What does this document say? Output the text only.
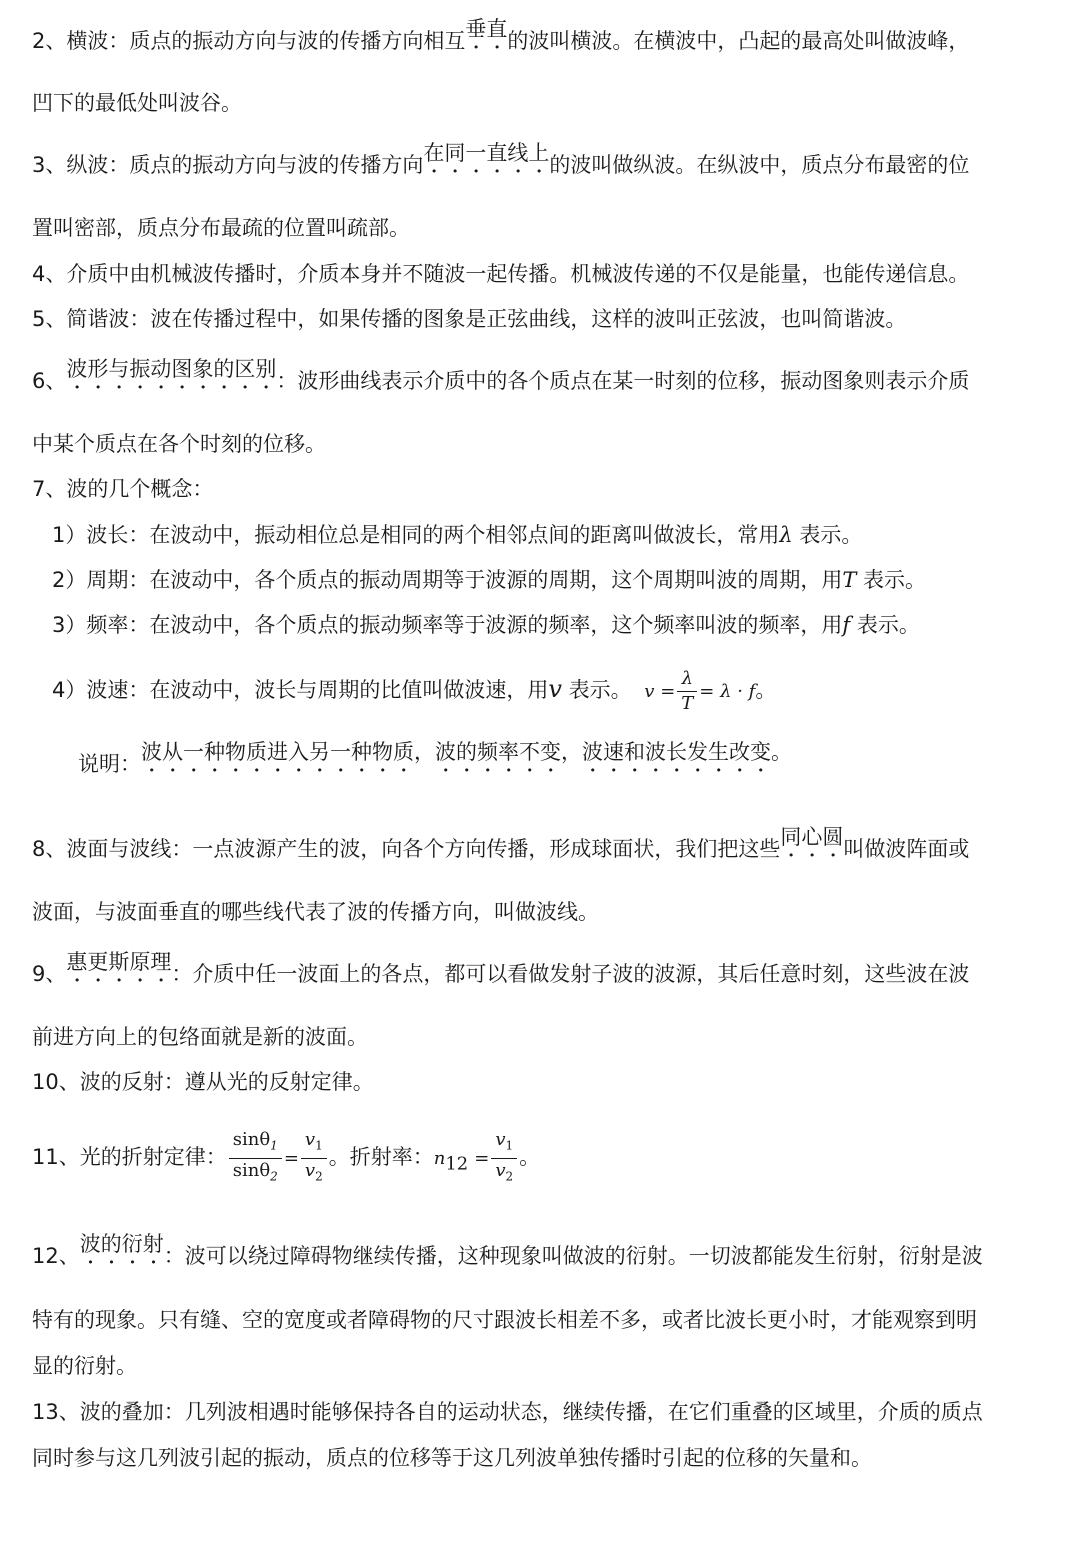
2、横波：质点的振动方向与波的传播方向相互垂直的波叫横波。在横波中，凸起的最高处叫做波峰，
凹下的最低处叫波谷。
3、纵波：质点的振动方向与波的传播方向在同一直线上的波叫做纵波。在纵波中，质点分布最密的位
置叫密部，质点分布最疏的位置叫疏部。
4、介质中由机械波传播时，介质本身并不随波一起传播。机械波传递的不仅是能量，也能传递信息。
5、简谐波：波在传播过程中，如果传播的图象是正弦曲线，这样的波叫正弦波，也叫简谐波。
6、波形与振动图象的区别：波形曲线表示介质中的各个质点在某一时刻的位移，振动图象则表示介质
中某个质点在各个时刻的位移。
7、波的几个概念：
1）波长：在波动中，振动相位总是相同的两个相邻点间的距离叫做波长，常用λ 表示。
2）周期：在波动中，各个质点的振动周期等于波源的周期，这个周期叫波的周期，用T 表示。
3）频率：在波动中，各个质点的振动频率等于波源的频率，这个频率叫波的频率，用f 表示。
4）波速：在波动中，波长与周期的比值叫做波速，用v 表示。 $v = \frac{\lambda}{T} = \lambda \cdot f$。
说明：波从一种物质进入另一种物质，波的频率不变，波速和波长发生改变。
8、波面与波线：一点波源产生的波，向各个方向传播，形成球面状，我们把这些同心圆叫做波阵面或
波面，与波面垂直的哪些线代表了波的传播方向，叫做波线。
9、惠更斯原理：介质中任一波面上的各点，都可以看做发射子波的波源，其后任意时刻，这些波在波
前进方向上的包络面就是新的波面。
10、波的反射：遵从光的反射定律。
11、光的折射定律： $\frac{\sin\theta_1}{\sin\theta_2} = \frac{v_1}{v_2}$ 。折射率：$n_{12} = \frac{v_1}{v_2}$ 。
12、波的衍射：波可以绕过障碍物继续传播，这种现象叫做波的衍射。一切波都能发生衍射，衍射是波
特有的现象。只有缝、空的宽度或者障碍物的尺寸跟波长相差不多，或者比波长更小时，才能观察到明
显的衍射。
13、波的叠加：几列波相遇时能够保持各自的运动状态，继续传播，在它们重叠的区域里，介质的质点
同时参与这几列波引起的振动，质点的位移等于这几列波单独传播时引起的位移的矢量和。
